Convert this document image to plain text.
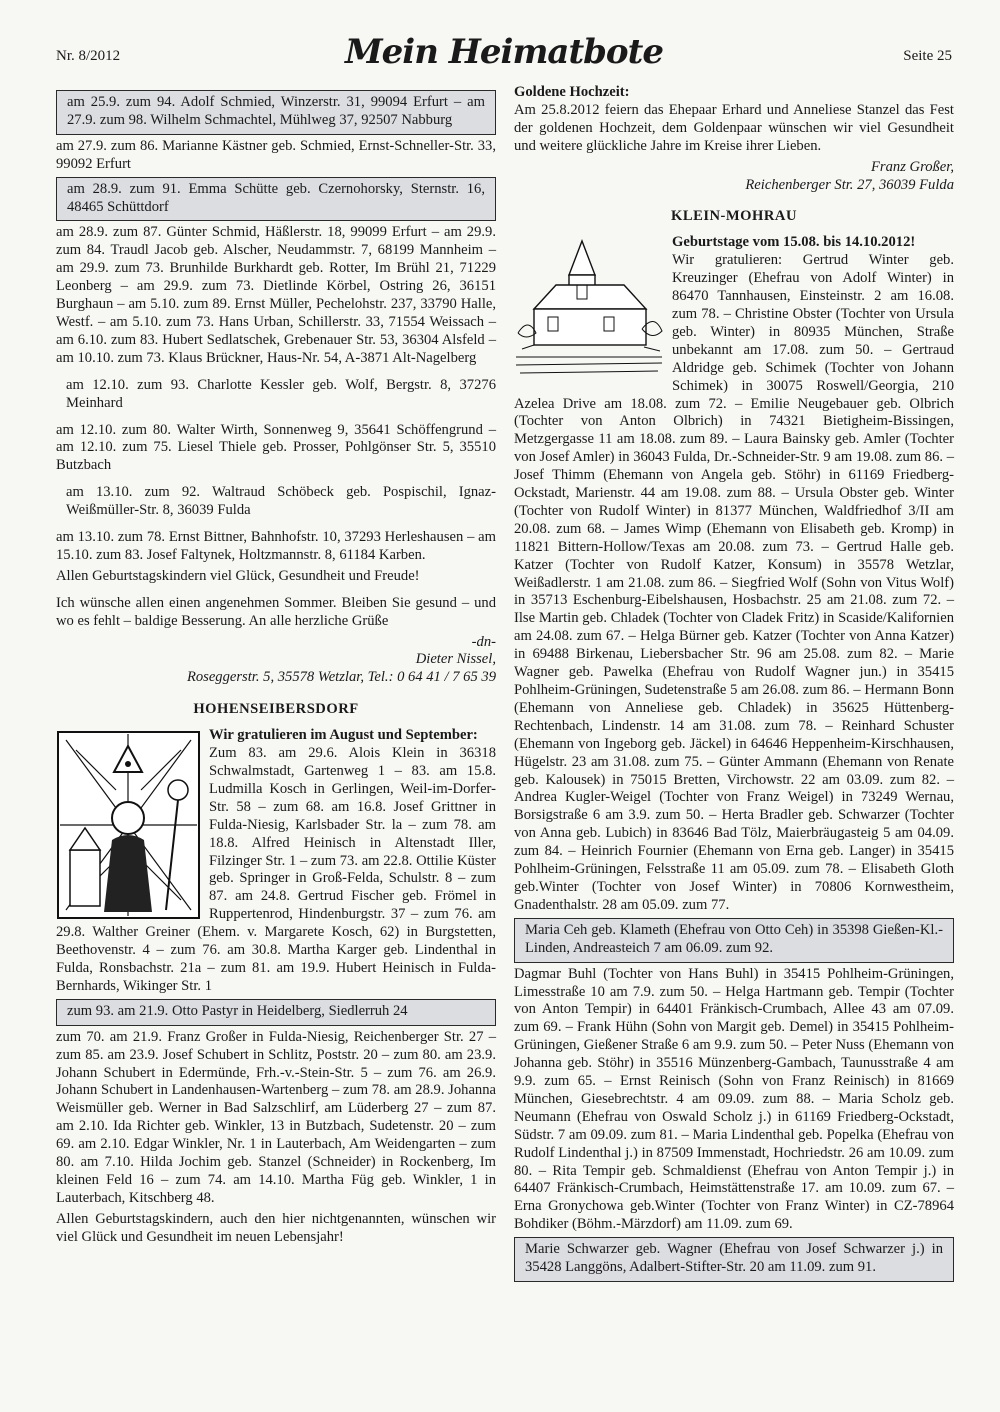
Nr. 8/2012	Mein Heimatbote	Seite 25
am 25.9. zum 94. Adolf Schmied, Winzerstr. 31, 99094 Erfurt – am 27.9. zum 98. Wilhelm Schmachtel, Mühlweg 37, 92507 Nabburg
am 27.9. zum 86. Marianne Kästner geb. Schmied, Ernst-Schneller-Str. 33, 99092 Erfurt
am 28.9. zum 91. Emma Schütte geb. Czernohorsky, Sternstr. 16, 48465 Schüttdorf
am 28.9. zum 87. Günter Schmid, Häßlerstr. 18, 99099 Erfurt – am 29.9. zum 84. Traudl Jacob geb. Alscher, Neudammstr. 7, 68199 Mannheim – am 29.9. zum 73. Brunhilde Burkhardt geb. Rotter, Im Brühl 21, 71229 Leonberg – am 29.9. zum 73. Dietlinde Körbel, Ostring 26, 36151 Burghaun – am 5.10. zum 89. Ernst Müller, Pechelohstr. 237, 33790 Halle, Westf. – am 5.10. zum 73. Hans Urban, Schillerstr. 33, 71554 Weissach – am 6.10. zum 83. Hubert Sedlatschek, Grebenauer Str. 53, 36304 Alsfeld – am 10.10. zum 73. Klaus Brückner, Haus-Nr. 54, A-3871 Alt-Nagelberg
am 12.10. zum 93. Charlotte Kessler geb. Wolf, Bergstr. 8, 37276 Meinhard
am 12.10. zum 80. Walter Wirth, Sonnenweg 9, 35641 Schöffengrund – am 12.10. zum 75. Liesel Thiele geb. Prosser, Pohlgönser Str. 5, 35510 Butzbach
am 13.10. zum 92. Waltraud Schöbeck geb. Pospischil, Ignaz-Weißmüller-Str. 8, 36039 Fulda
am 13.10. zum 78. Ernst Bittner, Bahnhofstr. 10, 37293 Herleshausen – am 15.10. zum 83. Josef Faltynek, Holtzmannstr. 8, 61184 Karben.
Allen Geburtstagskindern viel Glück, Gesundheit und Freude!
Ich wünsche allen einen angenehmen Sommer. Bleiben Sie gesund – und wo es fehlt – baldige Besserung. An alle herzliche Grüße
-dn-
Dieter Nissel,
Roseggerstr. 5, 35578 Wetzlar, Tel.: 0 64 41 / 7 65 39
HOHENSEIBERSDORF
Wir gratulieren im August und September:
Zum 83. am 29.6. Alois Klein in 36318 Schwalmstadt, Gartenweg 1 – 83. am 15.8. Ludmilla Kosch in Gerlingen, Weil-im-Dorfer-Str. 58 – zum 68. am 16.8. Josef Grittner in Fulda-Niesig, Karlsbader Str. la – zum 78. am 18.8. Alfred Heinisch in Altenstadt Iller, Filzinger Str. 1 – zum 73. am 22.8. Ottilie Küster geb. Springer in Groß-Felda, Schulstr. 8 – zum 87. am 24.8. Gertrud Fischer geb. Frömel in Ruppertenrod, Hindenburgstr. 37 – zum 76. am 29.8. Walther Greiner (Ehem. v. Margarete Kosch, 62) in Burgstetten, Beethovenstr. 4 – zum 76. am 30.8. Martha Karger geb. Lindenthal in Fulda, Ronsbachstr. 21a – zum 81. am 19.9. Hubert Heinisch in Fulda-Bernhards, Wikinger Str. 1
zum 93. am 21.9. Otto Pastyr in Heidelberg, Siedlerruh 24
zum 70. am 21.9. Franz Großer in Fulda-Niesig, Reichenberger Str. 27 – zum 85. am 23.9. Josef Schubert in Schlitz, Poststr. 20 – zum 80. am 23.9. Johann Schubert in Edermünde, Frh.-v.-Stein-Str. 5 – zum 76. am 26.9. Johann Schubert in Landenhausen-Wartenberg – zum 78. am 28.9. Johanna Weismüller geb. Werner in Bad Salzschlirf, am Lüderberg 27 – zum 87. am 2.10. Ida Richter geb. Winkler, 13 in Butzbach, Sudetenstr. 20 – zum 69. am 2.10. Edgar Winkler, Nr. 1 in Lauterbach, Am Weidengarten – zum 80. am 7.10. Hilda Jochim geb. Stanzel (Schneider) in Rockenberg, Im kleinen Feld 16 – zum 74. am 14.10. Martha Füg geb. Winkler, 1 in Lauterbach, Kitschberg 48.
Allen Geburtstagskindern, auch den hier nichtgenannten, wünschen wir viel Glück und Gesundheit im neuen Lebensjahr!
Goldene Hochzeit:
Am 25.8.2012 feiern das Ehepaar Erhard und Anneliese Stanzel das Fest der goldenen Hochzeit, dem Goldenpaar wünschen wir viel Gesundheit und weitere glückliche Jahre im Kreise ihrer Lieben.
Franz Großer,
Reichenberger Str. 27, 36039 Fulda
KLEIN-MOHRAU
Geburtstage vom 15.08. bis 14.10.2012!
Wir gratulieren: Gertrud Winter geb. Kreuzinger (Ehefrau von Adolf Winter) in 86470 Tannhausen, Einsteinstr. 2 am 16.08. zum 78. – Christine Obster (Tochter von Ursula geb. Winter) in 80935 München, Straße unbekannt am 17.08. zum 50. – Gertraud Aldridge geb. Schimek (Tochter von Johann Schimek) in 30075 Roswell/Georgia, 210 Azelea Drive am 18.08. zum 72. – Emilie Neugebauer geb. Olbrich (Tochter von Anton Olbrich) in 74321 Bietigheim-Bissingen, Metzgergasse 11 am 18.08. zum 89. – Laura Bainsky geb. Amler (Tochter von Josef Amler) in 36043 Fulda, Dr.-Schneider-Str. 9 am 19.08. zum 86. – Josef Thimm (Ehemann von Angela geb. Stöhr) in 61169 Friedberg-Ockstadt, Marienstr. 44 am 19.08. zum 88. – Ursula Obster geb. Winter (Tochter von Rudolf Winter) in 81377 München, Waldfriedhof 3/II am 20.08. zum 68. – James Wimp (Ehemann von Elisabeth geb. Kromp) in 11821 Bittern-Hollow/Texas am 20.08. zum 73. – Gertrud Halle geb. Katzer (Tochter von Rudolf Katzer, Konsum) in 35578 Wetzlar, Weißadlerstr. 1 am 21.08. zum 86. – Siegfried Wolf (Sohn von Vitus Wolf) in 35713 Eschenburg-Eibelshausen, Hosbachstr. 25 am 21.08. zum 72. – Ilse Martin geb. Chladek (Tochter von Cladek Fritz) in Scaside/Kalifornien am 24.08. zum 67. – Helga Bürner geb. Katzer (Tochter von Anna Katzer) in 69488 Birkenau, Liebersbacher Str. 96 am 25.08. zum 82. – Marie Wagner geb. Pawelka (Ehefrau von Rudolf Wagner jun.) in 35415 Pohlheim-Grüningen, Sudetenstraße 5 am 26.08. zum 86. – Hermann Bonn (Ehemann von Anneliese geb. Chladek) in 35625 Hüttenberg-Rechtenbach, Lindenstr. 14 am 31.08. zum 78. – Reinhard Schuster (Ehemann von Ingeborg geb. Jäckel) in 64646 Heppenheim-Kirschhausen, Hügelstr. 23 am 31.08. zum 75. – Günter Ammann (Ehemann von Renate geb. Kalousek) in 75015 Bretten, Virchowstr. 22 am 03.09. zum 82. – Andrea Kugler-Weigel (Tochter von Franz Weigel) in 73249 Wernau, Borsigstraße 6 am 3.9. zum 50. – Herta Bradler geb. Schwarzer (Tochter von Anna geb. Lubich) in 83646 Bad Tölz, Maierbräugasteig 5 am 04.09. zum 84. – Heinrich Fournier (Ehemann von Erna geb. Langer) in 35415 Pohlheim-Grüningen, Felsstraße 11 am 05.09. zum 78. – Elisabeth Gloth geb.Winter (Tochter von Josef Winter) in 70806 Kornwestheim, Gnadenthalstr. 28 am 05.09. zum 77.
Maria Ceh geb. Klameth (Ehefrau von Otto Ceh) in 35398 Gießen-Kl.-Linden, Andreasteich 7 am 06.09. zum 92.
Dagmar Buhl (Tochter von Hans Buhl) in 35415 Pohlheim-Grüningen, Limesstraße 10 am 7.9. zum 50. – Helga Hartmann geb. Tempir (Tochter von Anton Tempir) in 64401 Fränkisch-Crumbach, Allee 43 am 07.09. zum 69. – Frank Hühn (Sohn von Margit geb. Demel) in 35415 Pohlheim-Grüningen, Gießener Straße 6 am 9.9. zum 50. – Peter Nuss (Ehemann von Johanna geb. Stöhr) in 35516 Münzenberg-Gambach, Taunusstraße 4 am 9.9. zum 65. – Ernst Reinisch (Sohn von Franz Reinisch) in 81669 München, Giesebrechtstr. 4 am 09.09. zum 88. – Maria Scholz geb. Neumann (Ehefrau von Oswald Scholz j.) in 61169 Friedberg-Ockstadt, Südstr. 7 am 09.09. zum 81. – Maria Lindenthal geb. Popelka (Ehefrau von Rudolf Lindenthal j.) in 87509 Immenstadt, Hochriedstr. 26 am 10.09. zum 80. – Rita Tempir geb. Schmaldienst (Ehefrau von Anton Tempir j.) in 64407 Fränkisch-Crumbach, Heimstättenstraße 17. am 10.09. zum 67. – Erna Gronychowa geb.Winter (Tochter von Franz Winter) in CZ-78964 Bohdiker (Böhm.-Märzdorf) am 11.09. zum 69.
Marie Schwarzer geb. Wagner (Ehefrau von Josef Schwarzer j.) in 35428 Langgöns, Adalbert-Stifter-Str. 20 am 11.09. zum 91.
